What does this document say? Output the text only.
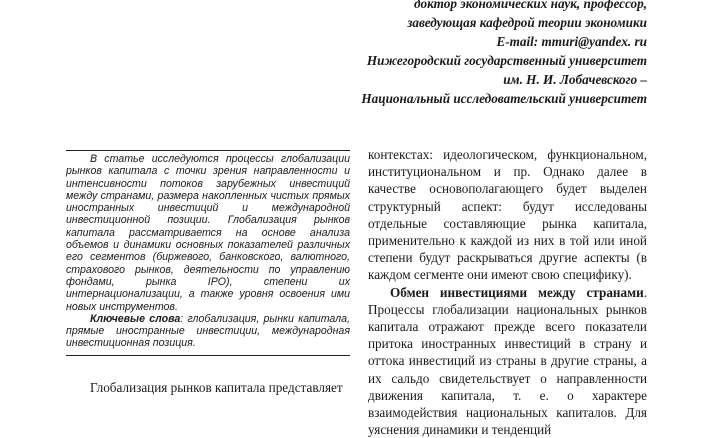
доктор экономических наук, профессор,
заведующая кафедрой теории экономики
E-mail: mmuri@yandex. ru
Нижегородский государственный университет
им. Н. И. Лобачевского –
Национальный исследовательский университет

В статье исследуются процессы глобализации рынков капитала с точки зрения направленности и интенсивности потоков зарубежных инвестиций между странами, размера накопленных чистых прямых иностранных инвестиций и международной инвестиционной позиции. Глобализация рынков капитала рассматривается на основе анализа объемов и динамики основных показателей различных его сегментов (биржевого, банковского, валютного, страхового рынков, деятельности по управлению фондами, рынка IPO), степени их интернационализации, а также уровня освоения ими новых инструментов.

Ключевые слова: глобализация, рынки капитала, прямые иностранные инвестиции, международная инвестиционная позиция.

Глобализация рынков капитала представляет

контекстах: идеологическом, функциональном, институциональном и пр. Однако далее в качестве основополагающего будет выделен структурный аспект: будут исследованы отдельные составляющие рынка капитала, применительно к каждой из них в той или иной степени будут раскрываться другие аспекты (в каждом сегменте они имеют свою специфику).

Обмен инвестициями между странами. Процессы глобализации национальных рынков капитала отражают прежде всего показатели притока иностранных инвестиций в страну и оттока инвестиций из страны в другие страны, а их сальдо свидетельствует о направленности движения капитала, т. е. о характере взаимодействия национальных капиталов. Для уяснения динамики и тенденций
